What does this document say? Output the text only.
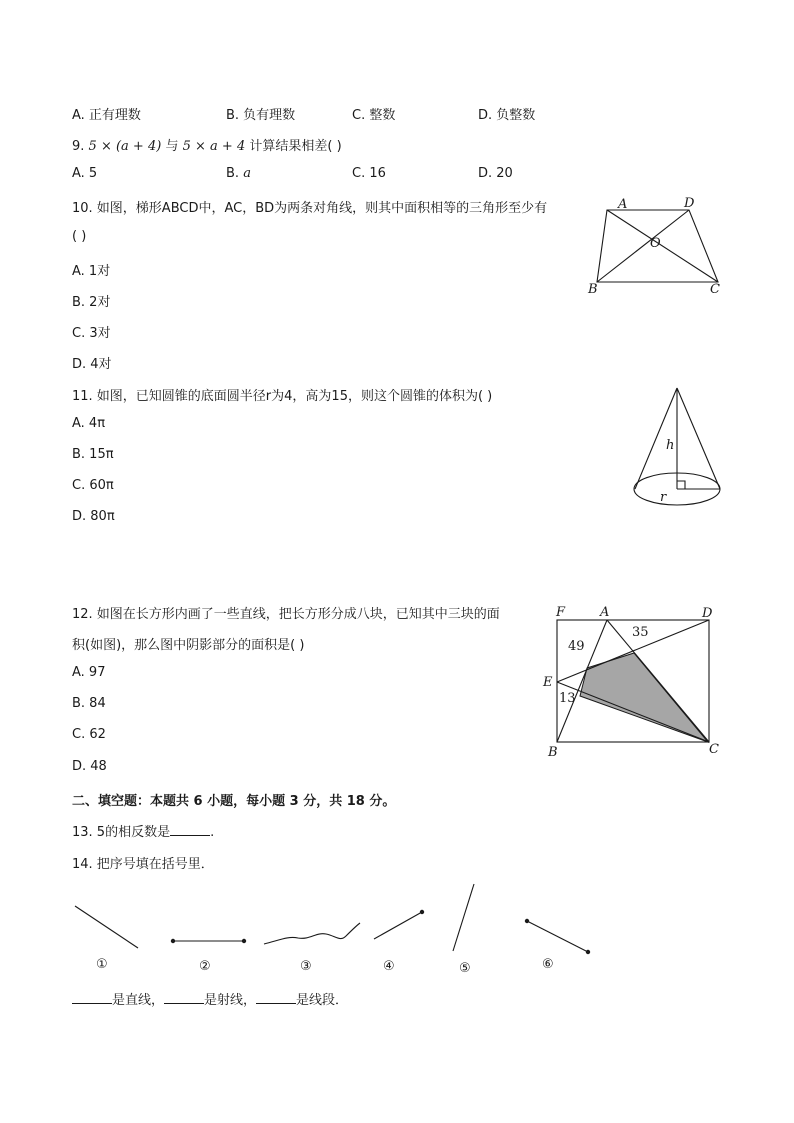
A. 正有理数	B. 负有理数	C. 整数	D. 负整数
9. 5 × (a + 4) 与 5 × a + 4 计算结果相差( )
A. 5	B. a	C. 16	D. 20
10. 如图，梯形ABCD中，AC，BD为两条对角线，则其中面积相等的三角形至少有
( )
A. 1对
B. 2对
C. 3对
D. 4对
A	D
O
B	C
11. 如图，已知圆锥的底面圆半径r为4，高为15，则这个圆锥的体积为( )
A. 4π
B. 15π
C. 60π
D. 80π
h
r
12. 如图在长方形内画了一些直线，把长方形分成八块，已知其中三块的面
积(如图)，那么图中阴影部分的面积是( )
A. 97
B. 84
C. 62
D. 48
F	A	D
E
B	C
49
35
13
二、填空题：本题共 6 小题，每小题 3 分，共 18 分。
13. 5的相反数是	.
14. 把序号填在括号里．
①	②	③	④	⑤	⑥
是直线，	是射线，	是线段．
